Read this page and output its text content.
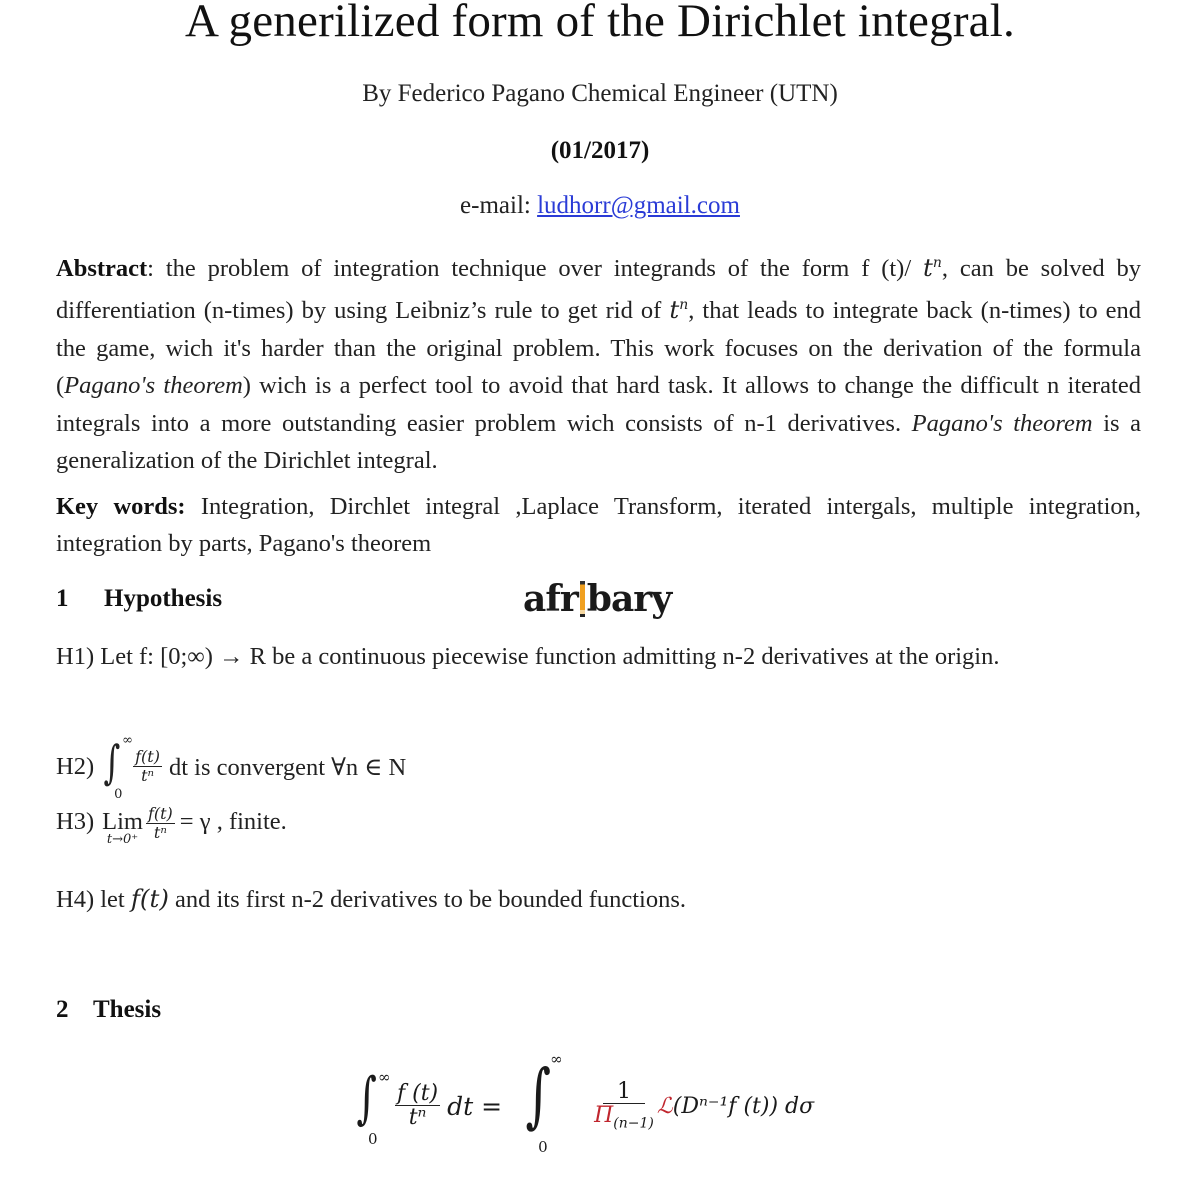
A generilized form of the Dirichlet integral.
By Federico Pagano Chemical Engineer (UTN)
(01/2017)
e-mail: ludhorr@gmail.com
Abstract: the problem of integration technique over integrands of the form f (t)/ $t^n$, can be solved by differentiation (n-times) by using Leibniz’s rule to get rid of $t^n$, that leads to integrate back (n-times) to end the game, wich it's harder than the original problem. This work focuses on the derivation of the formula (Pagano's theorem) wich is a perfect tool to avoid that hard task. It allows to change the difficult n iterated integrals into a more outstanding easier problem wich consists of n-1 derivatives. Pagano's theorem is a generalization of the Dirichlet integral.
Key words: Integration, Dirchlet integral ,Laplace Transform, iterated intergals, multiple integration, integration by parts, Pagano's theorem
1 Hypothesis	afr bary
H1) Let f: [0;∞) → R be a continuous piecewise function admitting n-2 derivatives at the origin.
H2) ∫ ∞
0
$\frac{f(t)}{\text{tⁿ}}$ dt is convergent ∀n ∈ N
H3) Lim
$t\to 0^+ \frac{f(t)}{\text{tⁿ}} = \gamma$ , finite.
H4) let f(t) and its first n-2 derivatives to be bounded functions.
2 Thesis
∫ ∞
0
$\frac{f (t)}{\text{tⁿ}}$ dt = ∫
∞
0
$\frac{1}{\Pi_{(n-1)}}$ ℒ (Dⁿ⁻¹f (t)) dσ
